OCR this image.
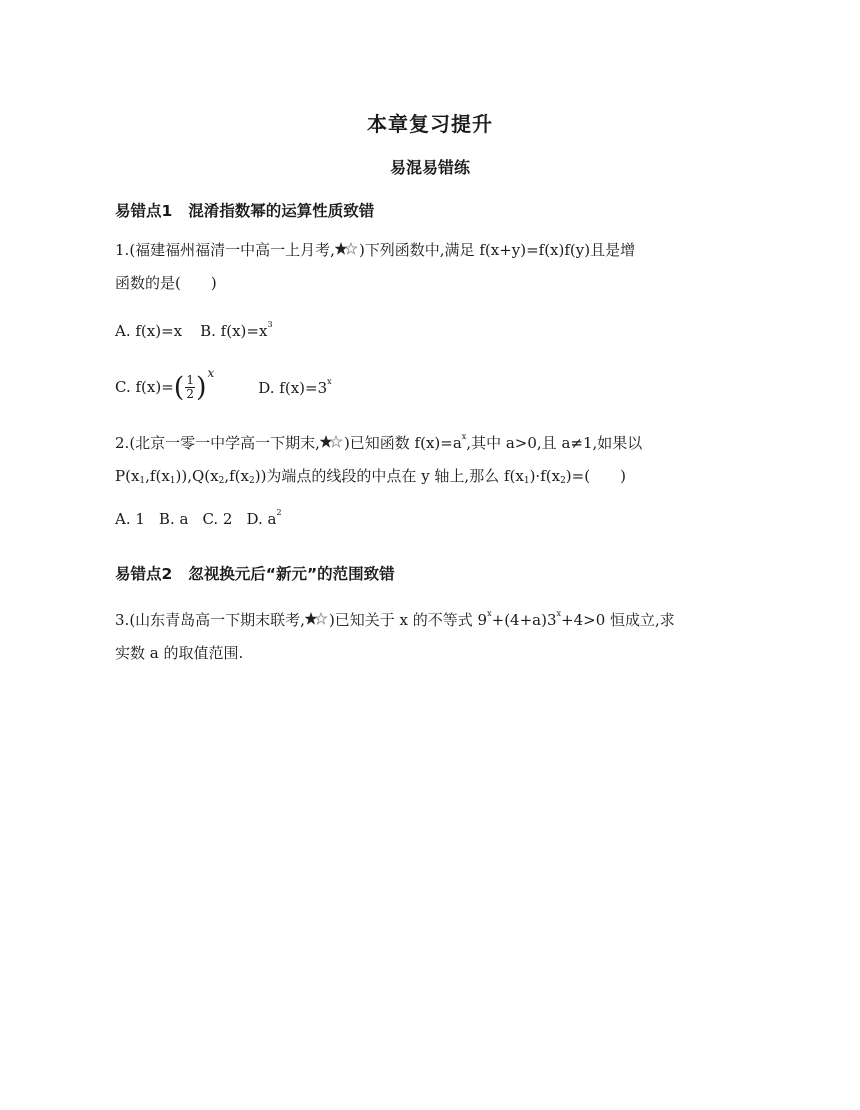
本章复习提升
易混易错练
易错点1 混淆指数幂的运算性质致错
1.(福建福州福清一中高一上月考, )下列函数中,满足 f(x+y)=f(x)f(y)且是增
函数的是(　　)
A. f(x)=x B. $f(x)=x^3$
C. f(x)= ( $\frac{1}{2}$ ) $^x$D. $f(x)=3^x$
2.(北京一零一中学高一下期末, )已知函数 $f(x)=a^x$,其中 a>0,且 a≠1,如果以
$P(x_1,f(x_1)),Q(x_2,f(x_2))$为端点的线段的中点在 y 轴上,那么 $f(x_1)\cdot f(x_2)=$(　　)
A. 1 B. a C. 2 D. $a^2$
易错点2 忽视换元后“新元”的范围致错
3.(山东青岛高一下期末联考, )已知关于 x 的不等式 $9^x+(4+a)3^x+4>0$ 恒成立,求
实数 a 的取值范围.
